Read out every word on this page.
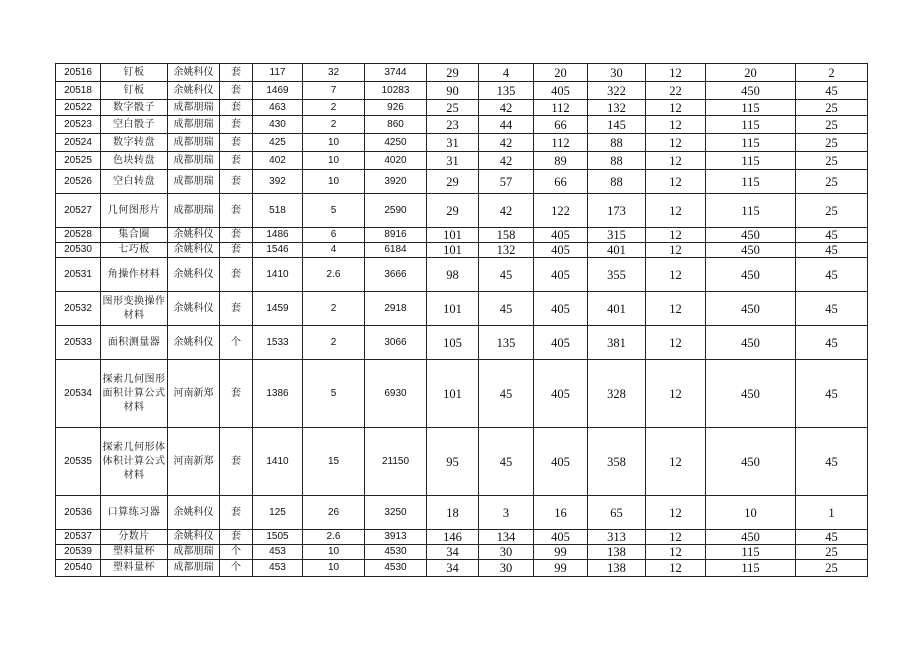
20516	钉板	余姚科仪	套	117	32	3744	29	4	20	30	12	20	2
20518	钉板	余姚科仪	套	1469	7	10283	90	135	405	322	22	450	45
20522	数字骰子	成都朋瑞	套	463	2	926	25	42	112	132	12	115	25
20523	空白骰子	成都朋瑞	套	430	2	860	23	44	66	145	12	115	25
20524	数字转盘	成都朋瑞	套	425	10	4250	31	42	112	88	12	115	25
20525	色块转盘	成都朋瑞	套	402	10	4020	31	42	89	88	12	115	25
20526	空白转盘	成都朋瑞	套	392	10	3920	29	57	66	88	12	115	25
20527	几何图形片	成都朋瑞	套	518	5	2590	29	42	122	173	12	115	25
20528	集合圈	余姚科仪	套	1486	6	8916	101	158	405	315	12	450	45
20530	七巧板	余姚科仪	套	1546	4	6184	101	132	405	401	12	450	45
20531	角操作材料	余姚科仪	套	1410	2.6	3666	98	45	405	355	12	450	45
20532	图形变换操作材料	余姚科仪	套	1459	2	2918	101	45	405	401	12	450	45
20533	面积测量器	余姚科仪	个	1533	2	3066	105	135	405	381	12	450	45
20534	探索几何图形面积计算公式材料	河南新郑	套	1386	5	6930	101	45	405	328	12	450	45
20535	探索几何形体体积计算公式材料	河南新郑	套	1410	15	21150	95	45	405	358	12	450	45
20536	口算练习器	余姚科仪	套	125	26	3250	18	3	16	65	12	10	1
20537	分数片	余姚科仪	套	1505	2.6	3913	146	134	405	313	12	450	45
20539	塑料量杯	成都朋瑞	个	453	10	4530	34	30	99	138	12	115	25
20540	塑料量杯	成都朋瑞	个	453	10	4530	34	30	99	138	12	115	25
